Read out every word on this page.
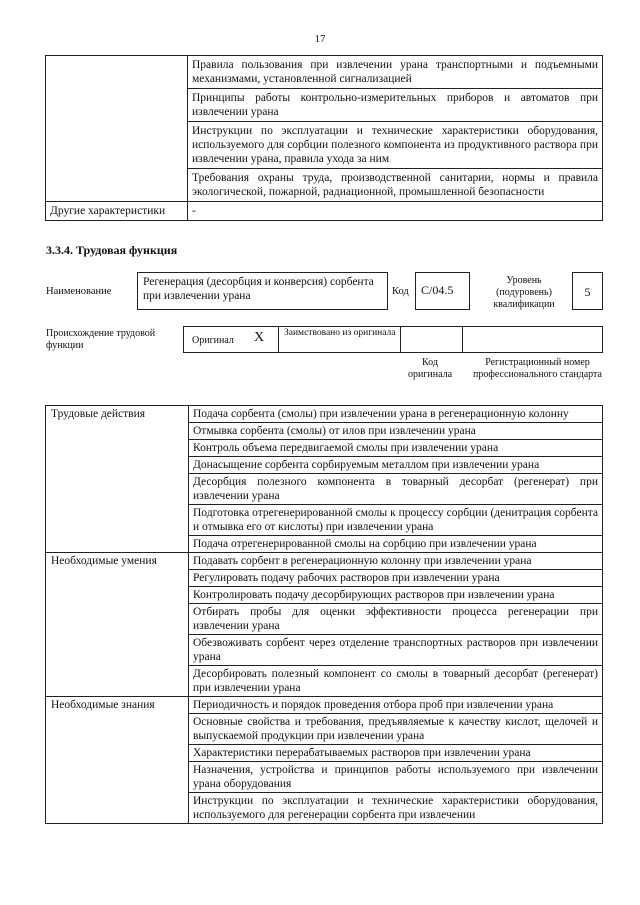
17
	Правила пользования при извлечении урана транспортными и подъемными механизмами, установленной сигнализацией
	Принципы работы контрольно-измерительных приборов и автоматов при извлечении урана
	Инструкции по эксплуатации и технические характеристики оборудования, используемого для сорбции полезного компонента из продуктивного раствора при извлечении урана, правила ухода за ним
	Требования охраны труда, производственной санитарии, нормы и правила экологической, пожарной, радиационной, промышленной безопасности
Другие характеристики	-
3.3.4. Трудовая функция
Наименование
Регенерация (десорбция и конверсия) сорбента при извлечении урана	Код	C/04.5
Уровень (подуровень) квалификации
5
Происхождение трудовой функции	Оригинал X Заимствовано из оригинала
Код оригинала
Регистрационный номер профессионального стандарта
Трудовые действия	Подача сорбента (смолы) при извлечении урана в регенерационную колонну
	Отмывка сорбента (смолы) от илов при извлечении урана
	Контроль объема передвигаемой смолы при извлечении урана
	Донасыщение сорбента сорбируемым металлом при извлечении урана
	Десорбция полезного компонента в товарный десорбат (регенерат) при извлечении урана
	Подготовка отрегенерированной смолы к процессу сорбции (денитрация сорбента и отмывка его от кислоты) при извлечении урана
	Подача отрегенерированной смолы на сорбцию при извлечении урана
Необходимые умения	Подавать сорбент в регенерационную колонну при извлечении урана
	Регулировать подачу рабочих растворов при извлечении урана
	Контролировать подачу десорбирующих растворов при извлечении урана
	Отбирать пробы для оценки эффективности процесса регенерации при извлечении урана
	Обезвоживать сорбент через отделение транспортных растворов при извлечении урана
	Десорбировать полезный компонент со смолы в товарный десорбат (регенерат) при извлечении урана
Необходимые знания	Периодичность и порядок проведения отбора проб при извлечении урана
	Основные свойства и требования, предъявляемые к качеству кислот, щелочей и выпускаемой продукции при извлечении урана
	Характеристики перерабатываемых растворов при извлечении урана
	Назначения, устройства и принципов работы используемого при извлечении урана оборудования
	Инструкции по эксплуатации и технические характеристики оборудования, используемого для регенерации сорбента при извлечении
